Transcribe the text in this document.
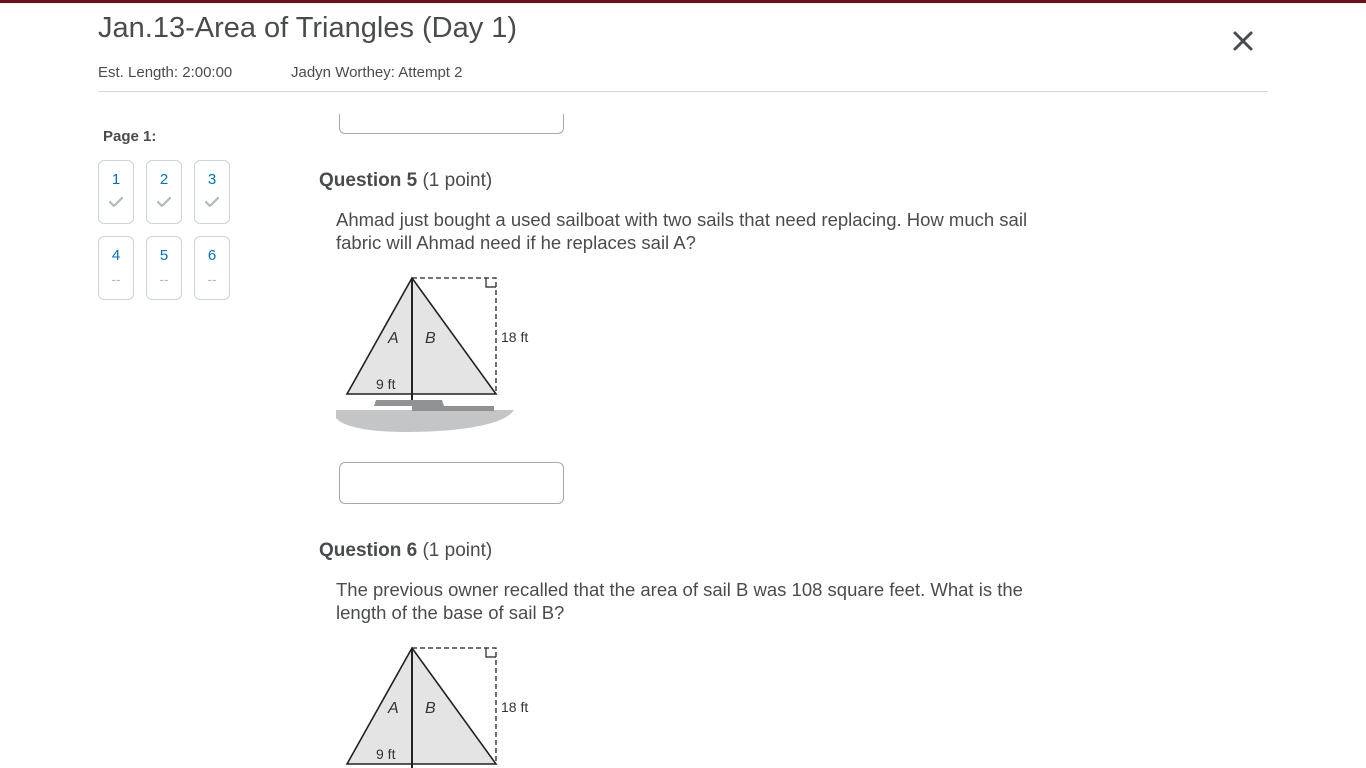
Jan.13-Area of Triangles (Day 1)
Est. Length: 2:00:00	Jadyn Worthey: Attempt 2
Page 1:
1	2	3
4
--
5
--
6
--
Question 5 (1 point)
Ahmad just bought a used sailboat with two sails that need replacing. How much sail fabric will Ahmad need if he replaces sail A?
A B	18 ft
9 ft
Question 6 (1 point)
The previous owner recalled that the area of sail B was 108 square feet. What is the length of the base of sail B?
A B	18 ft
9 ft
